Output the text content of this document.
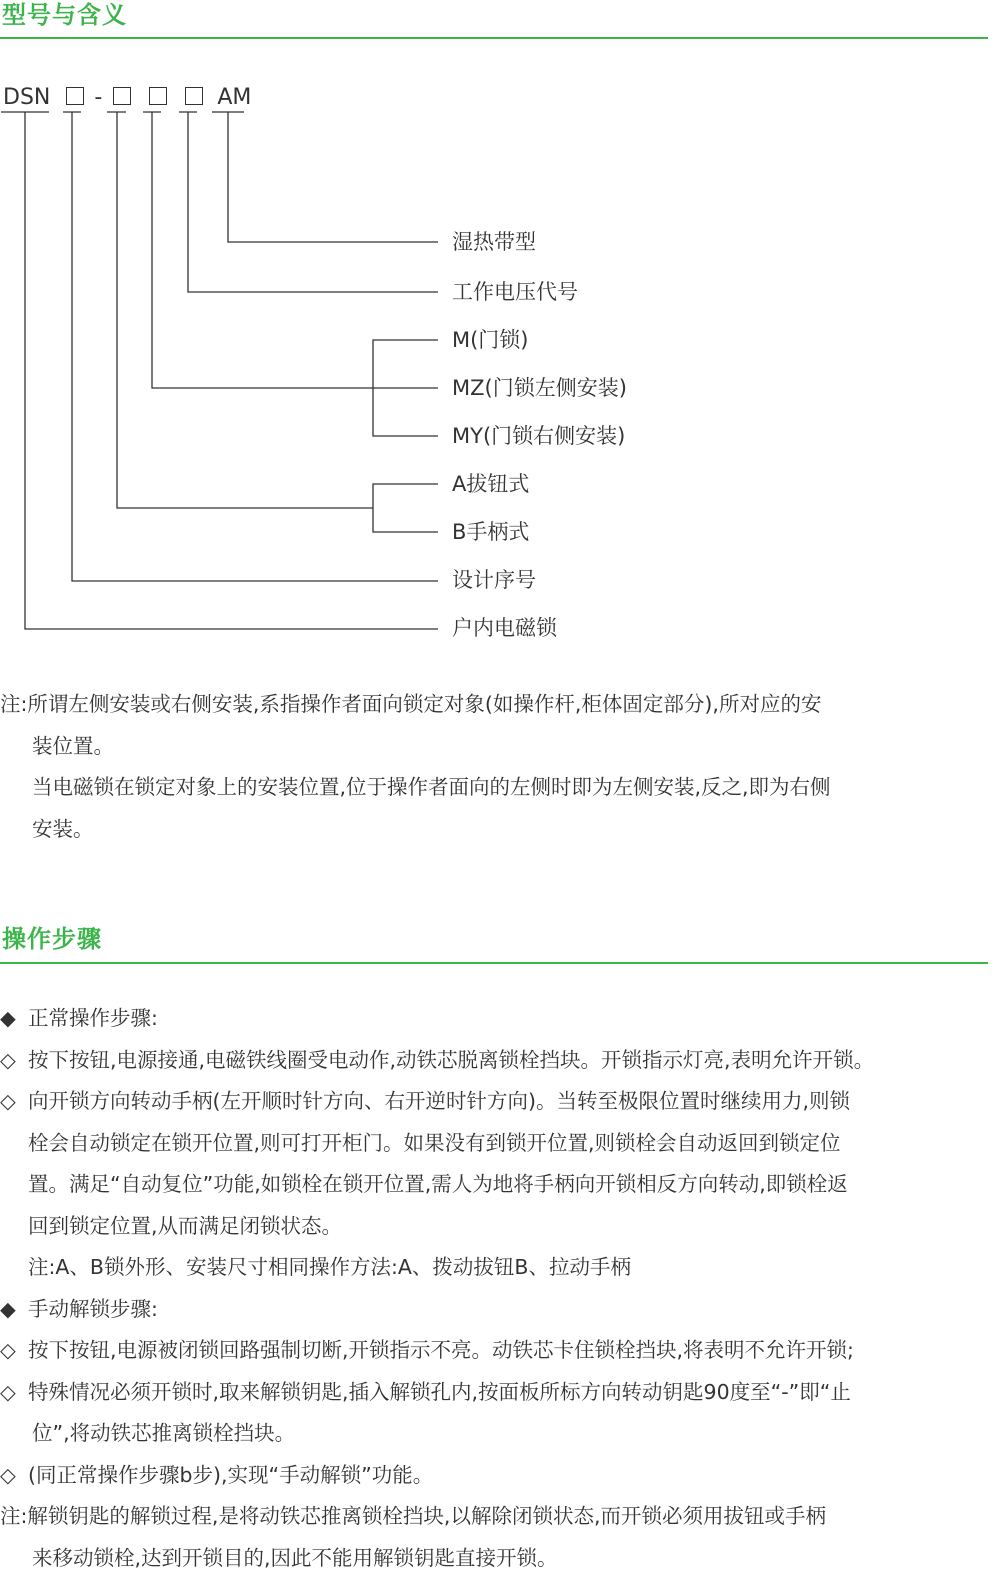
型号与含义
DSN -	AM
湿热带型
工作电压代号
M(门锁)
MZ(门锁左侧安装)
MY(门锁右侧安装)
A拔钮式
B手柄式
设计序号
户内电磁锁
注:所谓左侧安装或右侧安装,系指操作者面向锁定对象(如操作杆,柜体固定部分),所对应的安
装位置。
当电磁锁在锁定对象上的安装位置,位于操作者面向的左侧时即为左侧安装,反之,即为右侧
安装。
操作步骤
◆ 正常操作步骤:
◇ 按下按钮,电源接通,电磁铁线圈受电动作,动铁芯脱离锁栓挡块。开锁指示灯亮,表明允许开锁。
◇ 向开锁方向转动手柄(左开顺时针方向、右开逆时针方向)。当转至极限位置时继续用力,则锁
栓会自动锁定在锁开位置,则可打开柜门。如果没有到锁开位置,则锁栓会自动返回到锁定位
置。满足“自动复位”功能,如锁栓在锁开位置,需人为地将手柄向开锁相反方向转动,即锁栓返
回到锁定位置,从而满足闭锁状态。
注:A、B锁外形、安装尺寸相同操作方法:A、拨动拔钮B、拉动手柄
◆ 手动解锁步骤:
◇ 按下按钮,电源被闭锁回路强制切断,开锁指示不亮。动铁芯卡住锁栓挡块,将表明不允许开锁;
◇ 特殊情况必须开锁时,取来解锁钥匙,插入解锁孔内,按面板所标方向转动钥匙90度至“-”即“止
位”,将动铁芯推离锁栓挡块。
◇ (同正常操作步骤b步),实现“手动解锁”功能。
注:解锁钥匙的解锁过程,是将动铁芯推离锁栓挡块,以解除闭锁状态,而开锁必须用拔钮或手柄
来移动锁栓,达到开锁目的,因此不能用解锁钥匙直接开锁。
